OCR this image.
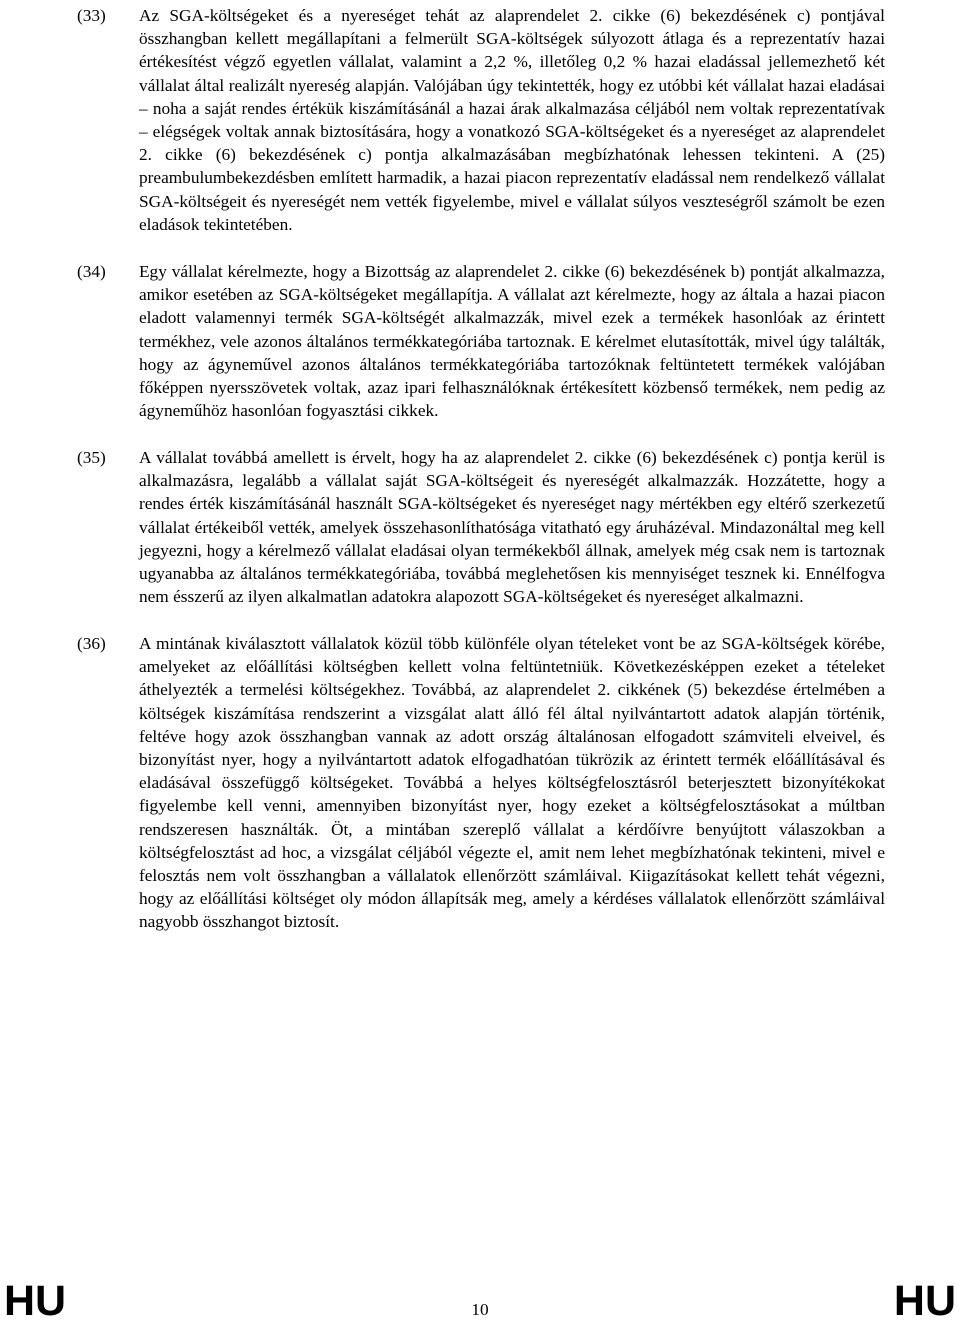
(33) Az SGA-költségeket és a nyereséget tehát az alaprendelet 2. cikke (6) bekezdésének c) pontjával összhangban kellett megállapítani a felmerült SGA-költségek súlyozott átlaga és a reprezentatív hazai értékesítést végző egyetlen vállalat, valamint a 2,2 %, illetőleg 0,2 % hazai eladással jellemezhető két vállalat által realizált nyereség alapján. Valójában úgy tekintették, hogy ez utóbbi két vállalat hazai eladásai – noha a saját rendes értékük kiszámításánál a hazai árak alkalmazása céljából nem voltak reprezentatívak – elégségek voltak annak biztosítására, hogy a vonatkozó SGA-költségeket és a nyereséget az alaprendelet 2. cikke (6) bekezdésének c) pontja alkalmazásában megbízhatónak lehessen tekinteni. A (25) preambulumbekezdésben említett harmadik, a hazai piacon reprezentatív eladással nem rendelkező vállalat SGA-költségeit és nyereségét nem vették figyelembe, mivel e vállalat súlyos veszteségről számolt be ezen eladások tekintetében.

(34) Egy vállalat kérelmezte, hogy a Bizottság az alaprendelet 2. cikke (6) bekezdésének b) pontját alkalmazza, amikor esetében az SGA-költségeket megállapítja. A vállalat azt kérelmezte, hogy az általa a hazai piacon eladott valamennyi termék SGA-költségét alkalmazzák, mivel ezek a termékek hasonlóak az érintett termékhez, vele azonos általános termékkategóriába tartoznak. E kérelmet elutasították, mivel úgy találták, hogy az ágyneművel azonos általános termékkategóriába tartozóknak feltüntetett termékek valójában főképpen nyersszövetek voltak, azaz ipari felhasználóknak értékesített közbenső termékek, nem pedig az ágyneműhöz hasonlóan fogyasztási cikkek.

(35) A vállalat továbbá amellett is érvelt, hogy ha az alaprendelet 2. cikke (6) bekezdésének c) pontja kerül is alkalmazásra, legalább a vállalat saját SGA-költségeit és nyereségét alkalmazzák. Hozzátette, hogy a rendes érték kiszámításánál használt SGA-költségeket és nyereséget nagy mértékben egy eltérő szerkezetű vállalat értékeiből vették, amelyek összehasonlíthatósága vitatható egy áruházéval. Mindazonáltal meg kell jegyezni, hogy a kérelmező vállalat eladásai olyan termékekből állnak, amelyek még csak nem is tartoznak ugyanabba az általános termékkategóriába, továbbá meglehetősen kis mennyiséget tesznek ki. Ennélfogva nem ésszerű az ilyen alkalmatlan adatokra alapozott SGA-költségeket és nyereséget alkalmazni.

(36) A mintának kiválasztott vállalatok közül több különféle olyan tételeket vont be az SGA-költségek körébe, amelyeket az előállítási költségben kellett volna feltüntetniük. Következésképpen ezeket a tételeket áthelyezték a termelési költségekhez. Továbbá, az alaprendelet 2. cikkének (5) bekezdése értelmében a költségek kiszámítása rendszerint a vizsgálat alatt álló fél által nyilvántartott adatok alapján történik, feltéve hogy azok összhangban vannak az adott ország általánosan elfogadott számviteli elveivel, és bizonyítást nyer, hogy a nyilvántartott adatok elfogadhatóan tükrözik az érintett termék előállításával és eladásával összefüggő költségeket. Továbbá a helyes költségfelosztásról beterjesztett bizonyítékokat figyelembe kell venni, amennyiben bizonyítást nyer, hogy ezeket a költségfelosztásokat a múltban rendszeresen használták. Öt, a mintában szereplő vállalat a kérdőívre benyújtott válaszokban a költségfelosztást ad hoc, a vizsgálat céljából végezte el, amit nem lehet megbízhatónak tekinteni, mivel e felosztás nem volt összhangban a vállalatok ellenőrzött számláival. Kiigazításokat kellett tehát végezni, hogy az előállítási költséget oly módon állapítsák meg, amely a kérdéses vállalatok ellenőrzött számláival nagyobb összhangot biztosít.

HU	10	HU
